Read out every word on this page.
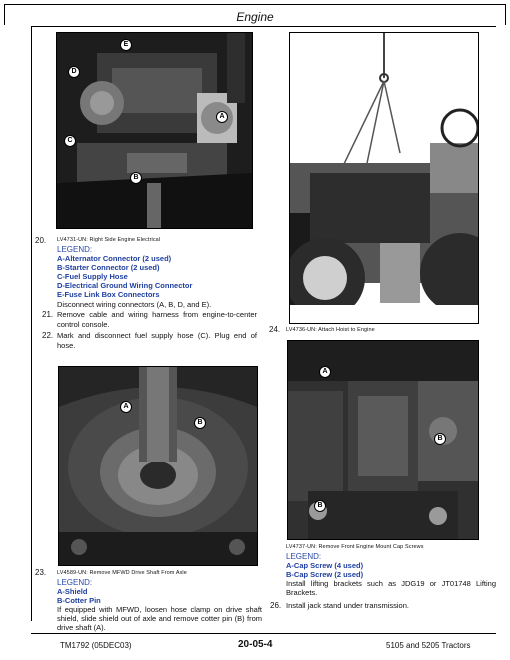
Engine
E
D
A
C
B
20. LV4731-UN: Right Side Engine Electrical
LEGEND:
A-Alternator Connector (2 used)
B-Starter Connector (2 used)
C-Fuel Supply Hose
D-Electrical Ground Wiring Connector
E-Fuse Link Box Connectors
Disconnect wiring connectors (A, B, D, and E).
21. Remove cable and wiring harness from engine-to-center control console.
22. Mark and disconnect fuel supply hose (C). Plug end of hose.
24. LV4736-UN: Attach Hoist to Engine
A
B
23. LV4589-UN: Remove MFWD Drive Shaft From Axle
LEGEND:
A-Shield
B-Cotter Pin
If equipped with MFWD, loosen hose clamp on drive shaft shield, slide shield out of axle and remove cotter pin (B) from drive shaft (A).
A
B
B
LV4737-UN: Remove Front Engine Mount Cap Screws
LEGEND:
A-Cap Screw (4 used)
B-Cap Screw (2 used)
Install lifting brackets such as JDG19 or JT01748 Lifting Brackets.
26. Install jack stand under transmission.
TM1792 (05DEC03)	20-05-4	5105 and 5205 Tractors
